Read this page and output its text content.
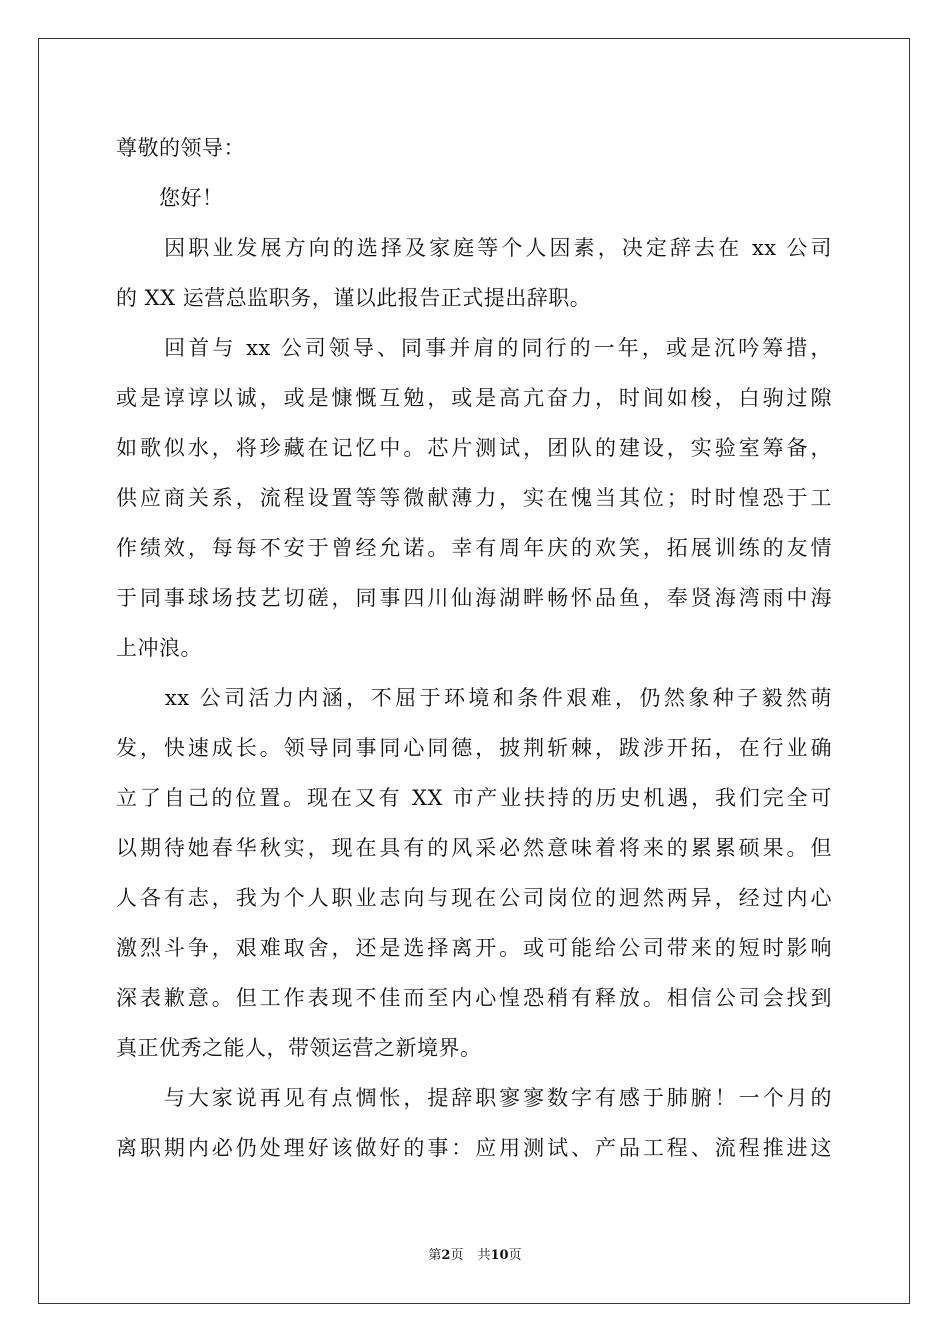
尊敬的领导：
　　您好！
　　因职业发展方向的选择及家庭等个人因素，决定辞去在 xx 公司
的 XX 运营总监职务，谨以此报告正式提出辞职。
　　回首与 xx 公司领导、同事并肩的同行的一年，或是沉吟筹措，
或是谆谆以诚，或是慷慨互勉，或是高亢奋力，时间如梭，白驹过隙
如歌似水，将珍藏在记忆中。芯片测试，团队的建设，实验室筹备，
供应商关系，流程设置等等微献薄力，实在愧当其位；时时惶恐于工
作绩效，每每不安于曾经允诺。幸有周年庆的欢笑，拓展训练的友情
于同事球场技艺切磋，同事四川仙海湖畔畅怀品鱼，奉贤海湾雨中海
上冲浪。
　　xx 公司活力内涵，不屈于环境和条件艰难，仍然象种子毅然萌
发，快速成长。领导同事同心同德，披荆斩棘，跋涉开拓，在行业确
立了自己的位置。现在又有 XX 市产业扶持的历史机遇，我们完全可
以期待她春华秋实，现在具有的风采必然意味着将来的累累硕果。但
人各有志，我为个人职业志向与现在公司岗位的迥然两异，经过内心
激烈斗争，艰难取舍，还是选择离开。或可能给公司带来的短时影响
深表歉意。但工作表现不佳而至内心惶恐稍有释放。相信公司会找到
真正优秀之能人，带领运营之新境界。
　　与大家说再见有点惆怅，提辞职寥寥数字有感于肺腑！一个月的
离职期内必仍处理好该做好的事：应用测试、产品工程、流程推进这
第2页 共10页
